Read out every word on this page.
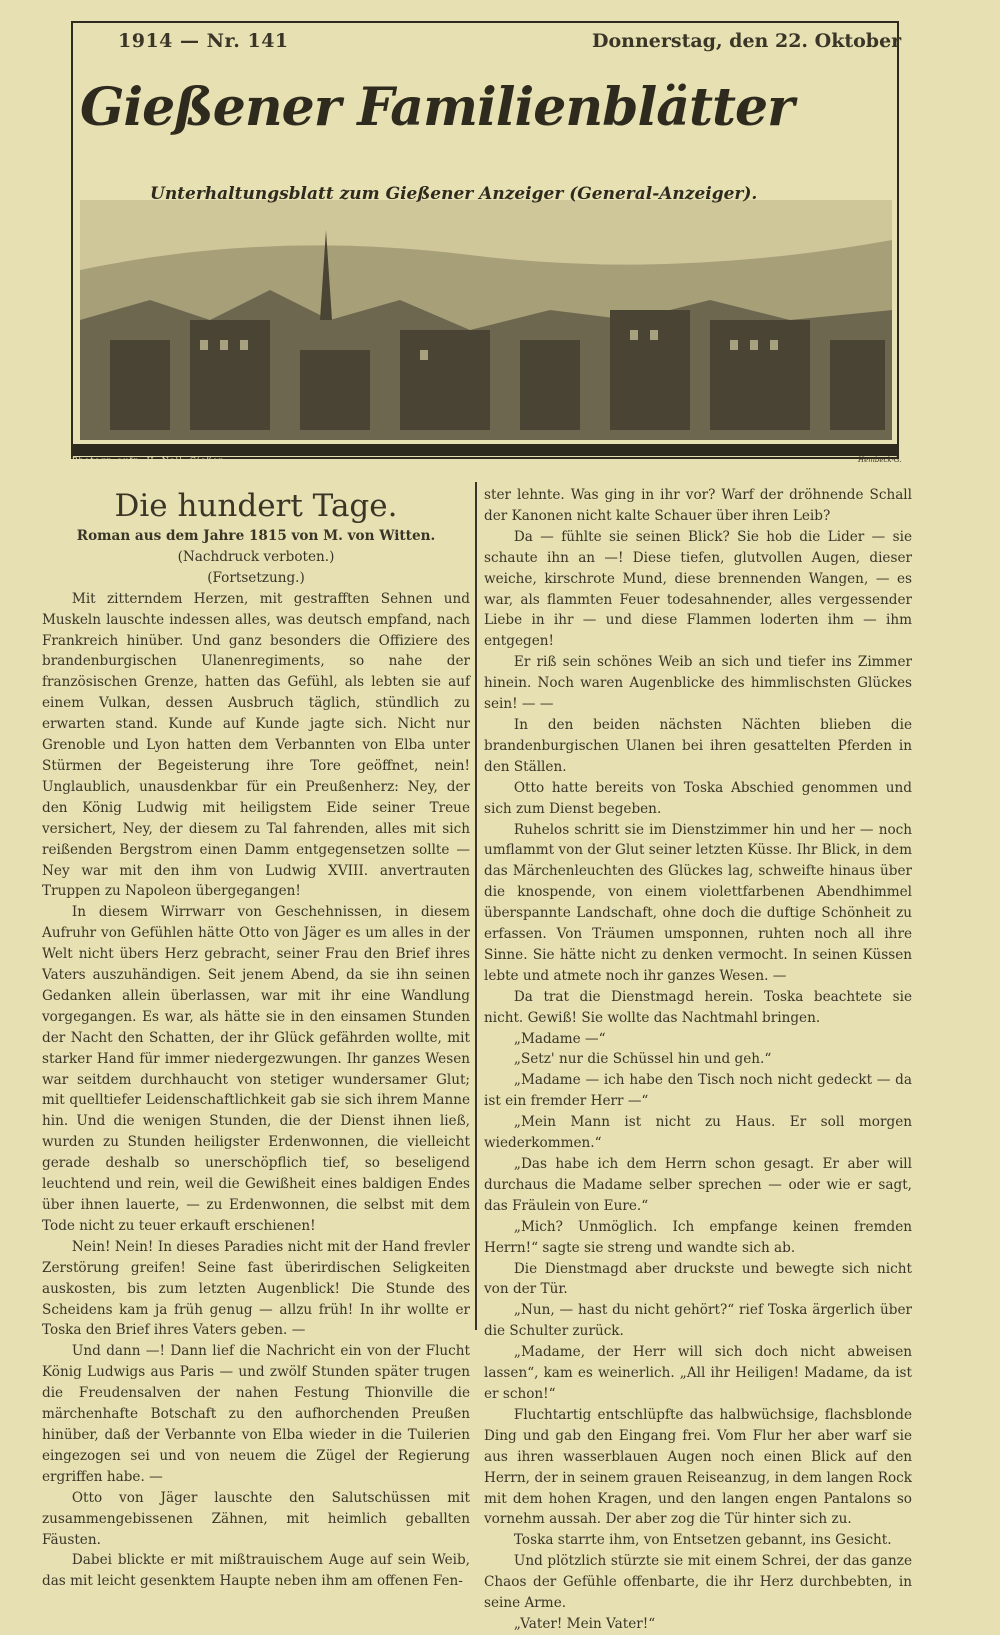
1914 — Nr. 141	Donnerstag, den 22. Oktober
Gießener Familienblätter
Unterhaltungsblatt zum Gießener Anzeiger (General-Anzeiger).
Photogr. aufn. H. Noll, Gießen	Hembeck-G.
Die hundert Tage.

Roman aus dem Jahre 1815 von M. von Witten.

(Nachdruck verboten.)

(Fortsetzung.)

Mit zitterndem Herzen, mit gestrafften Sehnen und Muskeln lauschte indessen alles, was deutsch empfand, nach Frankreich hinüber. Und ganz besonders die Offiziere des brandenburgischen Ulanenregiments, so nahe der französischen Grenze, hatten das Gefühl, als lebten sie auf einem Vulkan, dessen Ausbruch täglich, stündlich zu erwarten stand. Kunde auf Kunde jagte sich. Nicht nur Grenoble und Lyon hatten dem Verbannten von Elba unter Stürmen der Begeisterung ihre Tore geöffnet, nein! Unglaublich, unausdenkbar für ein Preußenherz: Ney, der den König Ludwig mit heiligstem Eide seiner Treue versichert, Ney, der diesem zu Tal fahrenden, alles mit sich reißenden Bergstrom einen Damm entgegensetzen sollte — Ney war mit den ihm von Ludwig XVIII. anvertrauten Truppen zu Napoleon übergegangen!

In diesem Wirrwarr von Geschehnissen, in diesem Aufruhr von Gefühlen hätte Otto von Jäger es um alles in der Welt nicht übers Herz gebracht, seiner Frau den Brief ihres Vaters auszuhändigen. Seit jenem Abend, da sie ihn seinen Gedanken allein überlassen, war mit ihr eine Wandlung vorgegangen. Es war, als hätte sie in den einsamen Stunden der Nacht den Schatten, der ihr Glück gefährden wollte, mit starker Hand für immer niedergezwungen. Ihr ganzes Wesen war seitdem durchhaucht von stetiger wundersamer Glut; mit quelltiefer Leidenschaftlichkeit gab sie sich ihrem Manne hin. Und die wenigen Stunden, die der Dienst ihnen ließ, wurden zu Stunden heiligster Erdenwonnen, die vielleicht gerade deshalb so unerschöpflich tief, so beseligend leuchtend und rein, weil die Gewißheit eines baldigen Endes über ihnen lauerte, — zu Erdenwonnen, die selbst mit dem Tode nicht zu teuer erkauft erschienen!

Nein! Nein! In dieses Paradies nicht mit der Hand frevler Zerstörung greifen! Seine fast überirdischen Seligkeiten auskosten, bis zum letzten Augenblick! Die Stunde des Scheidens kam ja früh genug — allzu früh! In ihr wollte er Toska den Brief ihres Vaters geben. —

Und dann —! Dann lief die Nachricht ein von der Flucht König Ludwigs aus Paris — und zwölf Stunden später trugen die Freudensalven der nahen Festung Thionville die märchenhafte Botschaft zu den aufhorchenden Preußen hinüber, daß der Verbannte von Elba wieder in die Tuilerien eingezogen sei und von neuem die Zügel der Regierung ergriffen habe. —

Otto von Jäger lauschte den Salutschüssen mit zusammengebissenen Zähnen, mit heimlich geballten Fäusten.

Dabei blickte er mit mißtrauischem Auge auf sein Weib, das mit leicht gesenktem Haupte neben ihm am offenen Fen-

ster lehnte. Was ging in ihr vor? Warf der dröhnende Schall der Kanonen nicht kalte Schauer über ihren Leib?

Da — fühlte sie seinen Blick? Sie hob die Lider — sie schaute ihn an —! Diese tiefen, glutvollen Augen, dieser weiche, kirschrote Mund, diese brennenden Wangen, — es war, als flammten Feuer todesahnender, alles vergessender Liebe in ihr — und diese Flammen loderten ihm — ihm entgegen!

Er riß sein schönes Weib an sich und tiefer ins Zimmer hinein. Noch waren Augenblicke des himmlischsten Glückes sein! — —

In den beiden nächsten Nächten blieben die brandenburgischen Ulanen bei ihren gesattelten Pferden in den Ställen.

Otto hatte bereits von Toska Abschied genommen und sich zum Dienst begeben.

Ruhelos schritt sie im Dienstzimmer hin und her — noch umflammt von der Glut seiner letzten Küsse. Ihr Blick, in dem das Märchenleuchten des Glückes lag, schweifte hinaus über die knospende, von einem violettfarbenen Abendhimmel überspannte Landschaft, ohne doch die duftige Schönheit zu erfassen. Von Träumen umsponnen, ruhten noch all ihre Sinne. Sie hätte nicht zu denken vermocht. In seinen Küssen lebte und atmete noch ihr ganzes Wesen. —

Da trat die Dienstmagd herein. Toska beachtete sie nicht. Gewiß! Sie wollte das Nachtmahl bringen.

„Madame —“

„Setz' nur die Schüssel hin und geh.“

„Madame — ich habe den Tisch noch nicht gedeckt — da ist ein fremder Herr —“

„Mein Mann ist nicht zu Haus. Er soll morgen wiederkommen.“

„Das habe ich dem Herrn schon gesagt. Er aber will durchaus die Madame selber sprechen — oder wie er sagt, das Fräulein von Eure.“

„Mich? Unmöglich. Ich empfange keinen fremden Herrn!“ sagte sie streng und wandte sich ab.

Die Dienstmagd aber druckste und bewegte sich nicht von der Tür.

„Nun, — hast du nicht gehört?“ rief Toska ärgerlich über die Schulter zurück.

„Madame, der Herr will sich doch nicht abweisen lassen“, kam es weinerlich. „All ihr Heiligen! Madame, da ist er schon!“

Fluchtartig entschlüpfte das halbwüchsige, flachsblonde Ding und gab den Eingang frei. Vom Flur her aber warf sie aus ihren wasserblauen Augen noch einen Blick auf den Herrn, der in seinem grauen Reiseanzug, in dem langen Rock mit dem hohen Kragen, und den langen engen Pantalons so vornehm aussah. Der aber zog die Tür hinter sich zu.

Toska starrte ihm, von Entsetzen gebannt, ins Gesicht.

Und plötzlich stürzte sie mit einem Schrei, der das ganze Chaos der Gefühle offenbarte, die ihr Herz durchbebten, in seine Arme.

„Vater! Mein Vater!“
